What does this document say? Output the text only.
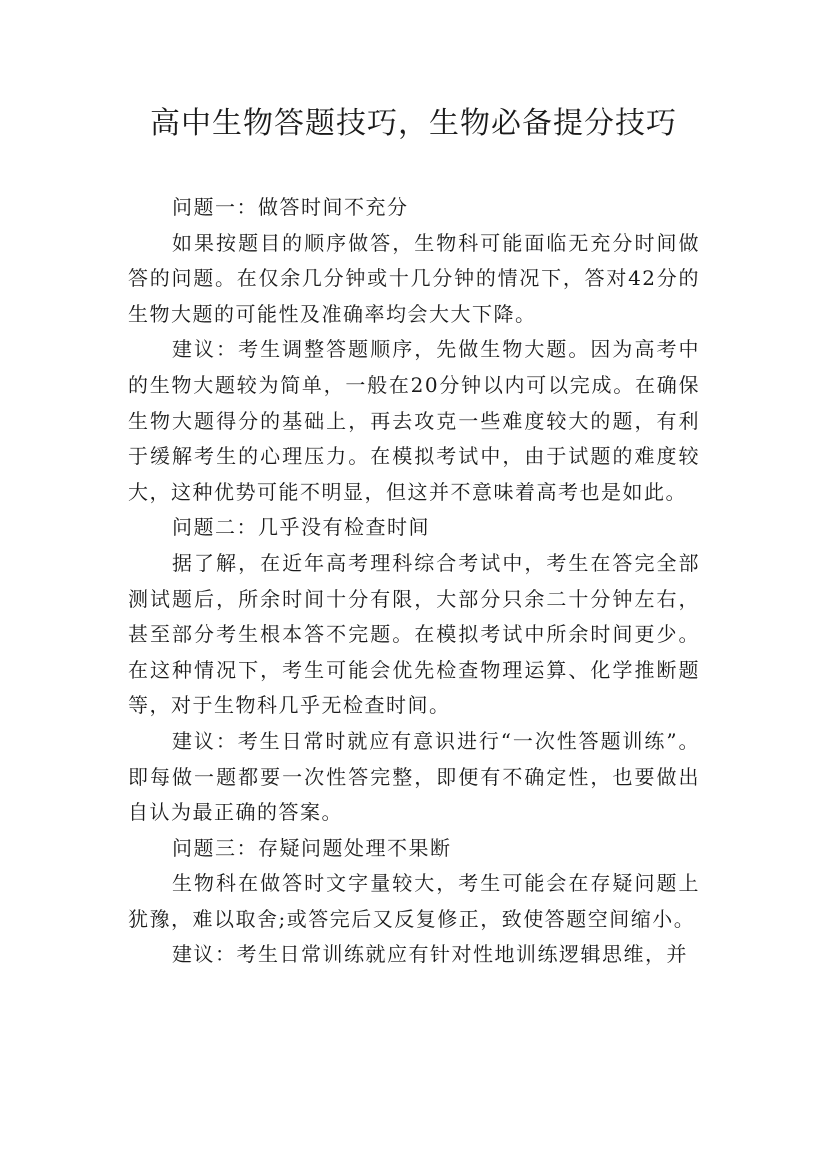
高中生物答题技巧，生物必备提分技巧

问题一：做答时间不充分

如果按题目的顺序做答，生物科可能面临无充分时间做答的问题。在仅余几分钟或十几分钟的情况下，答对42分的生物大题的可能性及准确率均会大大下降。

建议：考生调整答题顺序，先做生物大题。因为高考中的生物大题较为简单，一般在20分钟以内可以完成。在确保生物大题得分的基础上，再去攻克一些难度较大的题，有利于缓解考生的心理压力。在模拟考试中，由于试题的难度较大，这种优势可能不明显，但这并不意味着高考也是如此。

问题二：几乎没有检查时间

据了解，在近年高考理科综合考试中，考生在答完全部测试题后，所余时间十分有限，大部分只余二十分钟左右，甚至部分考生根本答不完题。在模拟考试中所余时间更少。在这种情况下，考生可能会优先检查物理运算、化学推断题等，对于生物科几乎无检查时间。

建议：考生日常时就应有意识进行“一次性答题训练”。即每做一题都要一次性答完整，即便有不确定性，也要做出自认为最正确的答案。

问题三：存疑问题处理不果断

生物科在做答时文字量较大，考生可能会在存疑问题上犹豫，难以取舍;或答完后又反复修正，致使答题空间缩小。

建议：考生日常训练就应有针对性地训练逻辑思维，并
